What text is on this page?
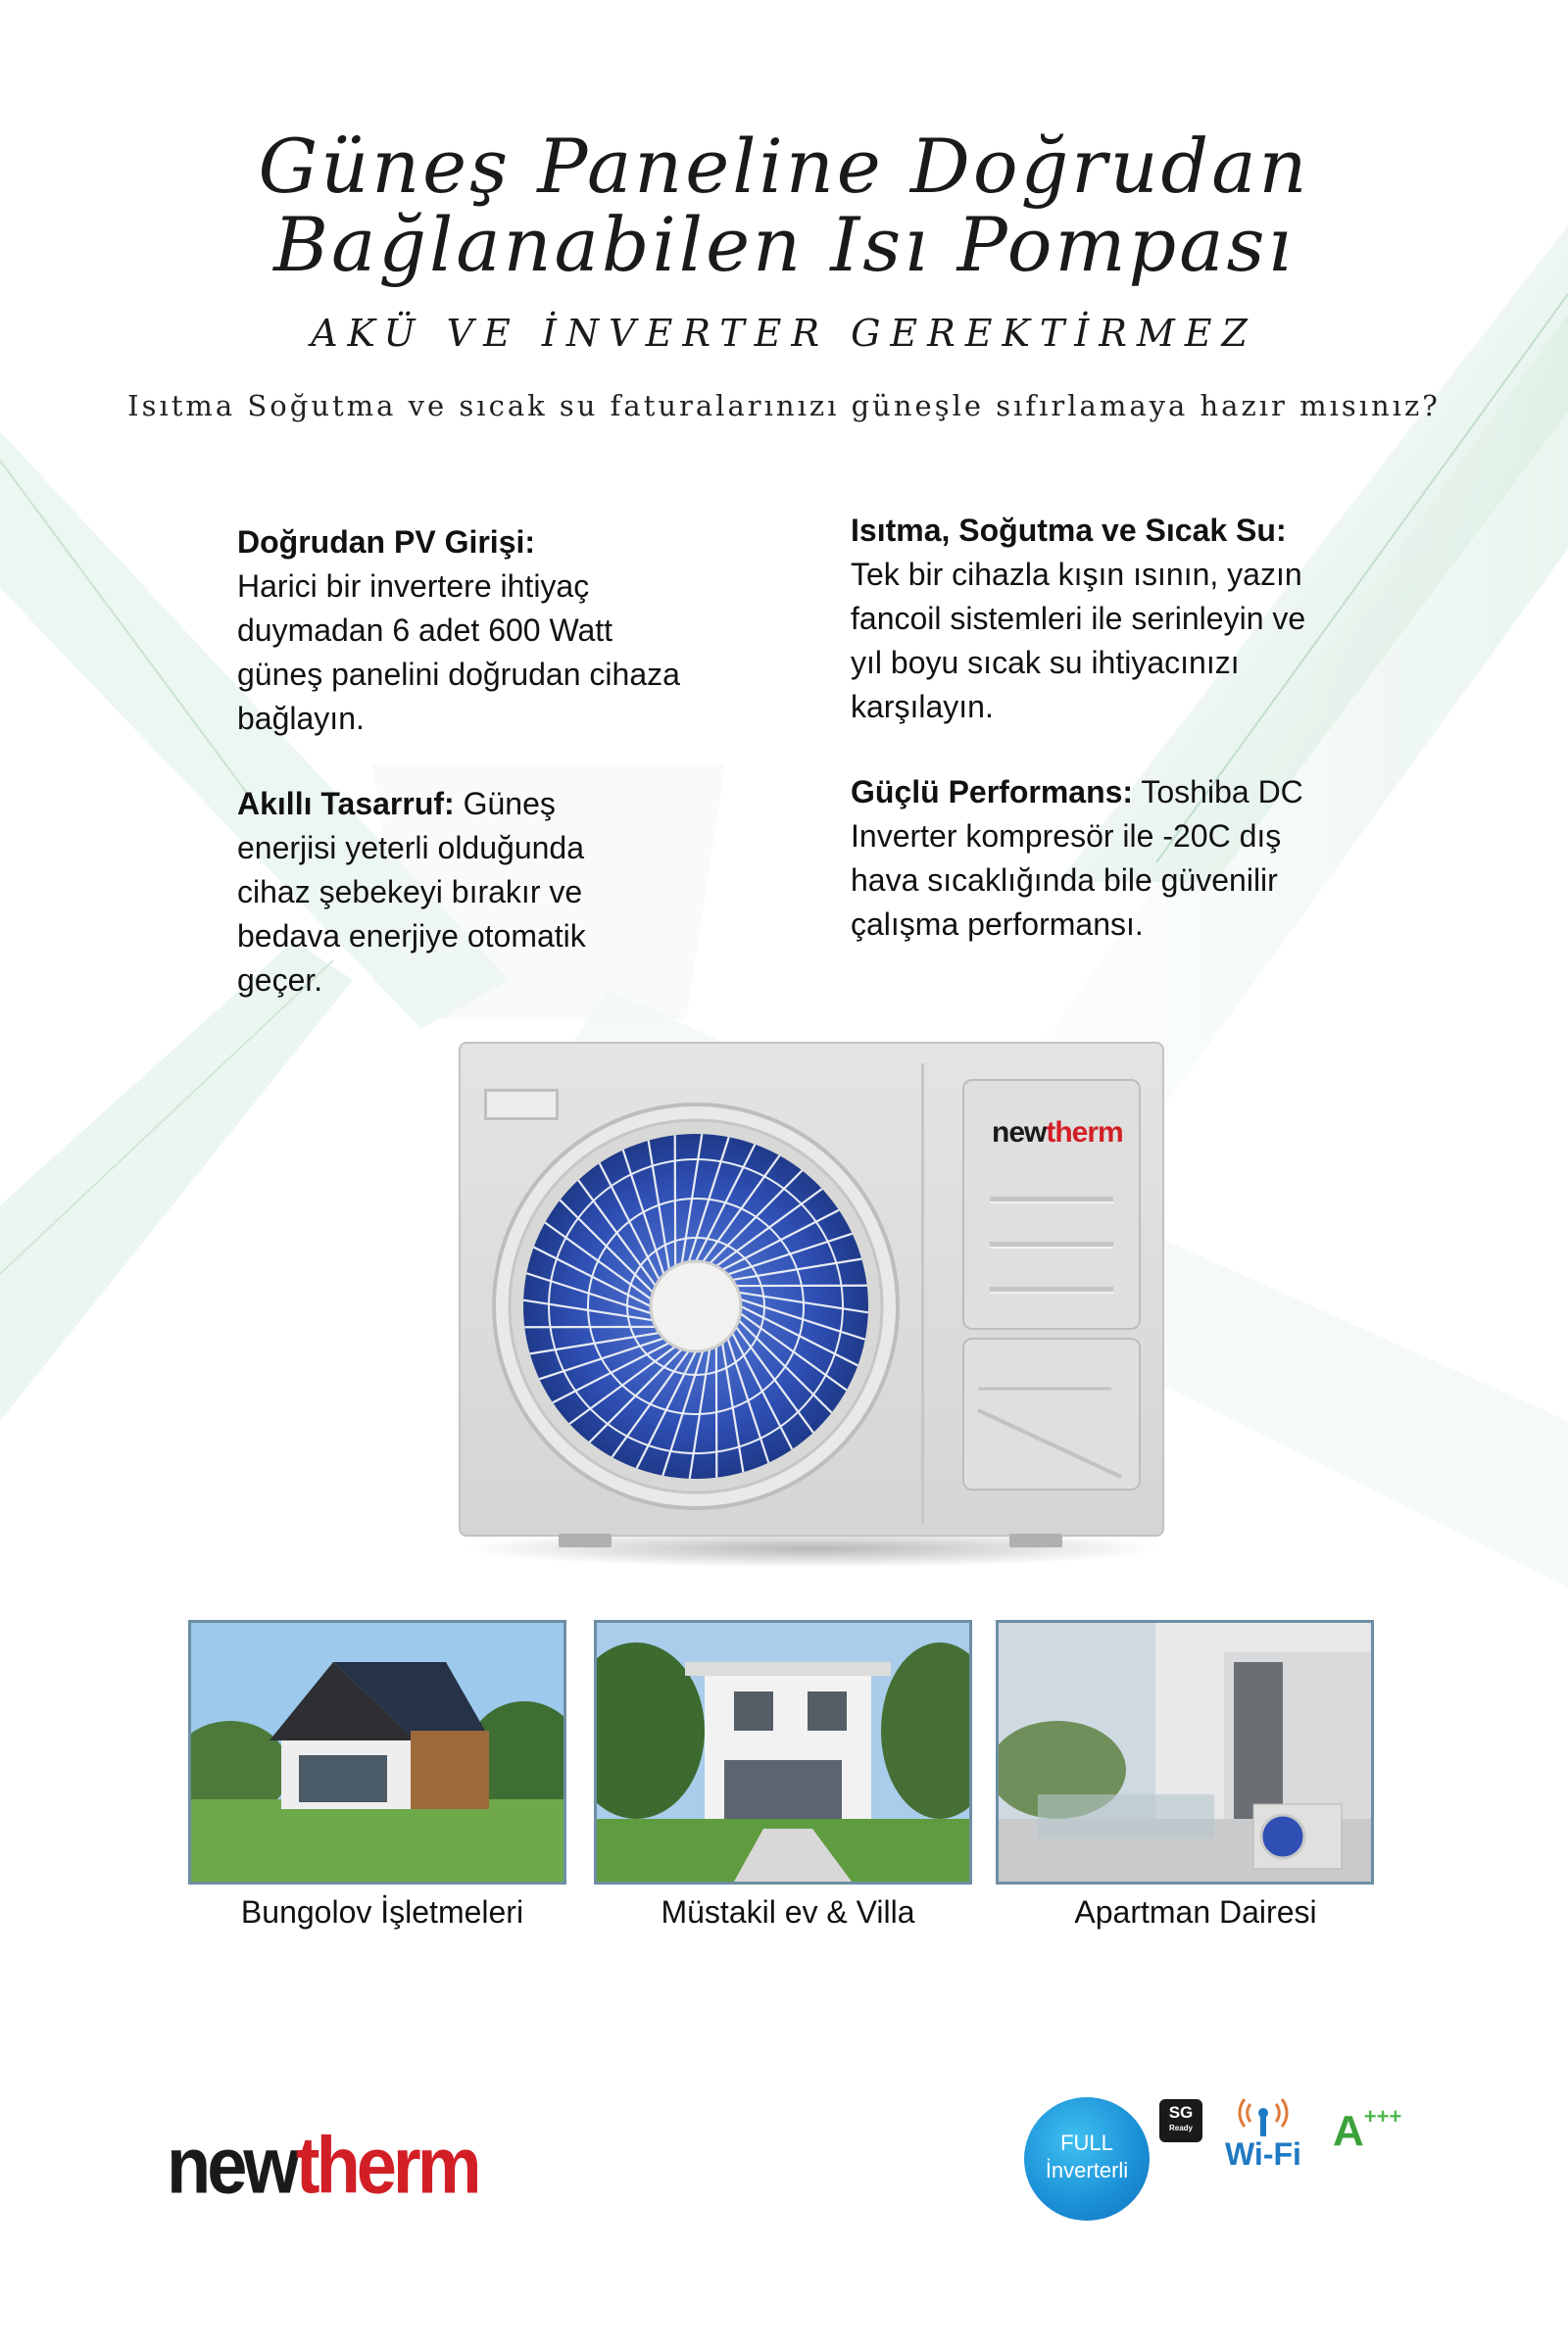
Güneş Paneline Doğrudan
Bağlanabilen Isı Pompası
AKÜ VE İNVERTER GEREKTİRMEZ
Isıtma Soğutma ve sıcak su faturalarınızı güneşle sıfırlamaya hazır mısınız?
Doğrudan PV Girişi:
Harici bir invertere ihtiyaç duymadan 6 adet 600 Watt güneş panelini doğrudan cihaza bağlayın.
Akıllı Tasarruf: Güneş enerjisi yeterli olduğunda cihaz şebekeyi bırakır ve bedava enerjiye otomatik geçer.
Isıtma, Soğutma ve Sıcak Su:
Tek bir cihazla kışın ısının, yazın fancoil sistemleri ile serinleyin ve yıl boyu sıcak su ihtiyacınızı karşılayın.
Güçlü Performans: Toshiba DC Inverter kompresör ile -20C dış hava sıcaklığında bile güvenilir çalışma performansı.
newtherm
Bungolov İşletmeleri	Müstakil ev & Villa	Apartman Dairesi
newtherm	FULL
İnverterli
SG
Ready
Wi-Fi A+++
